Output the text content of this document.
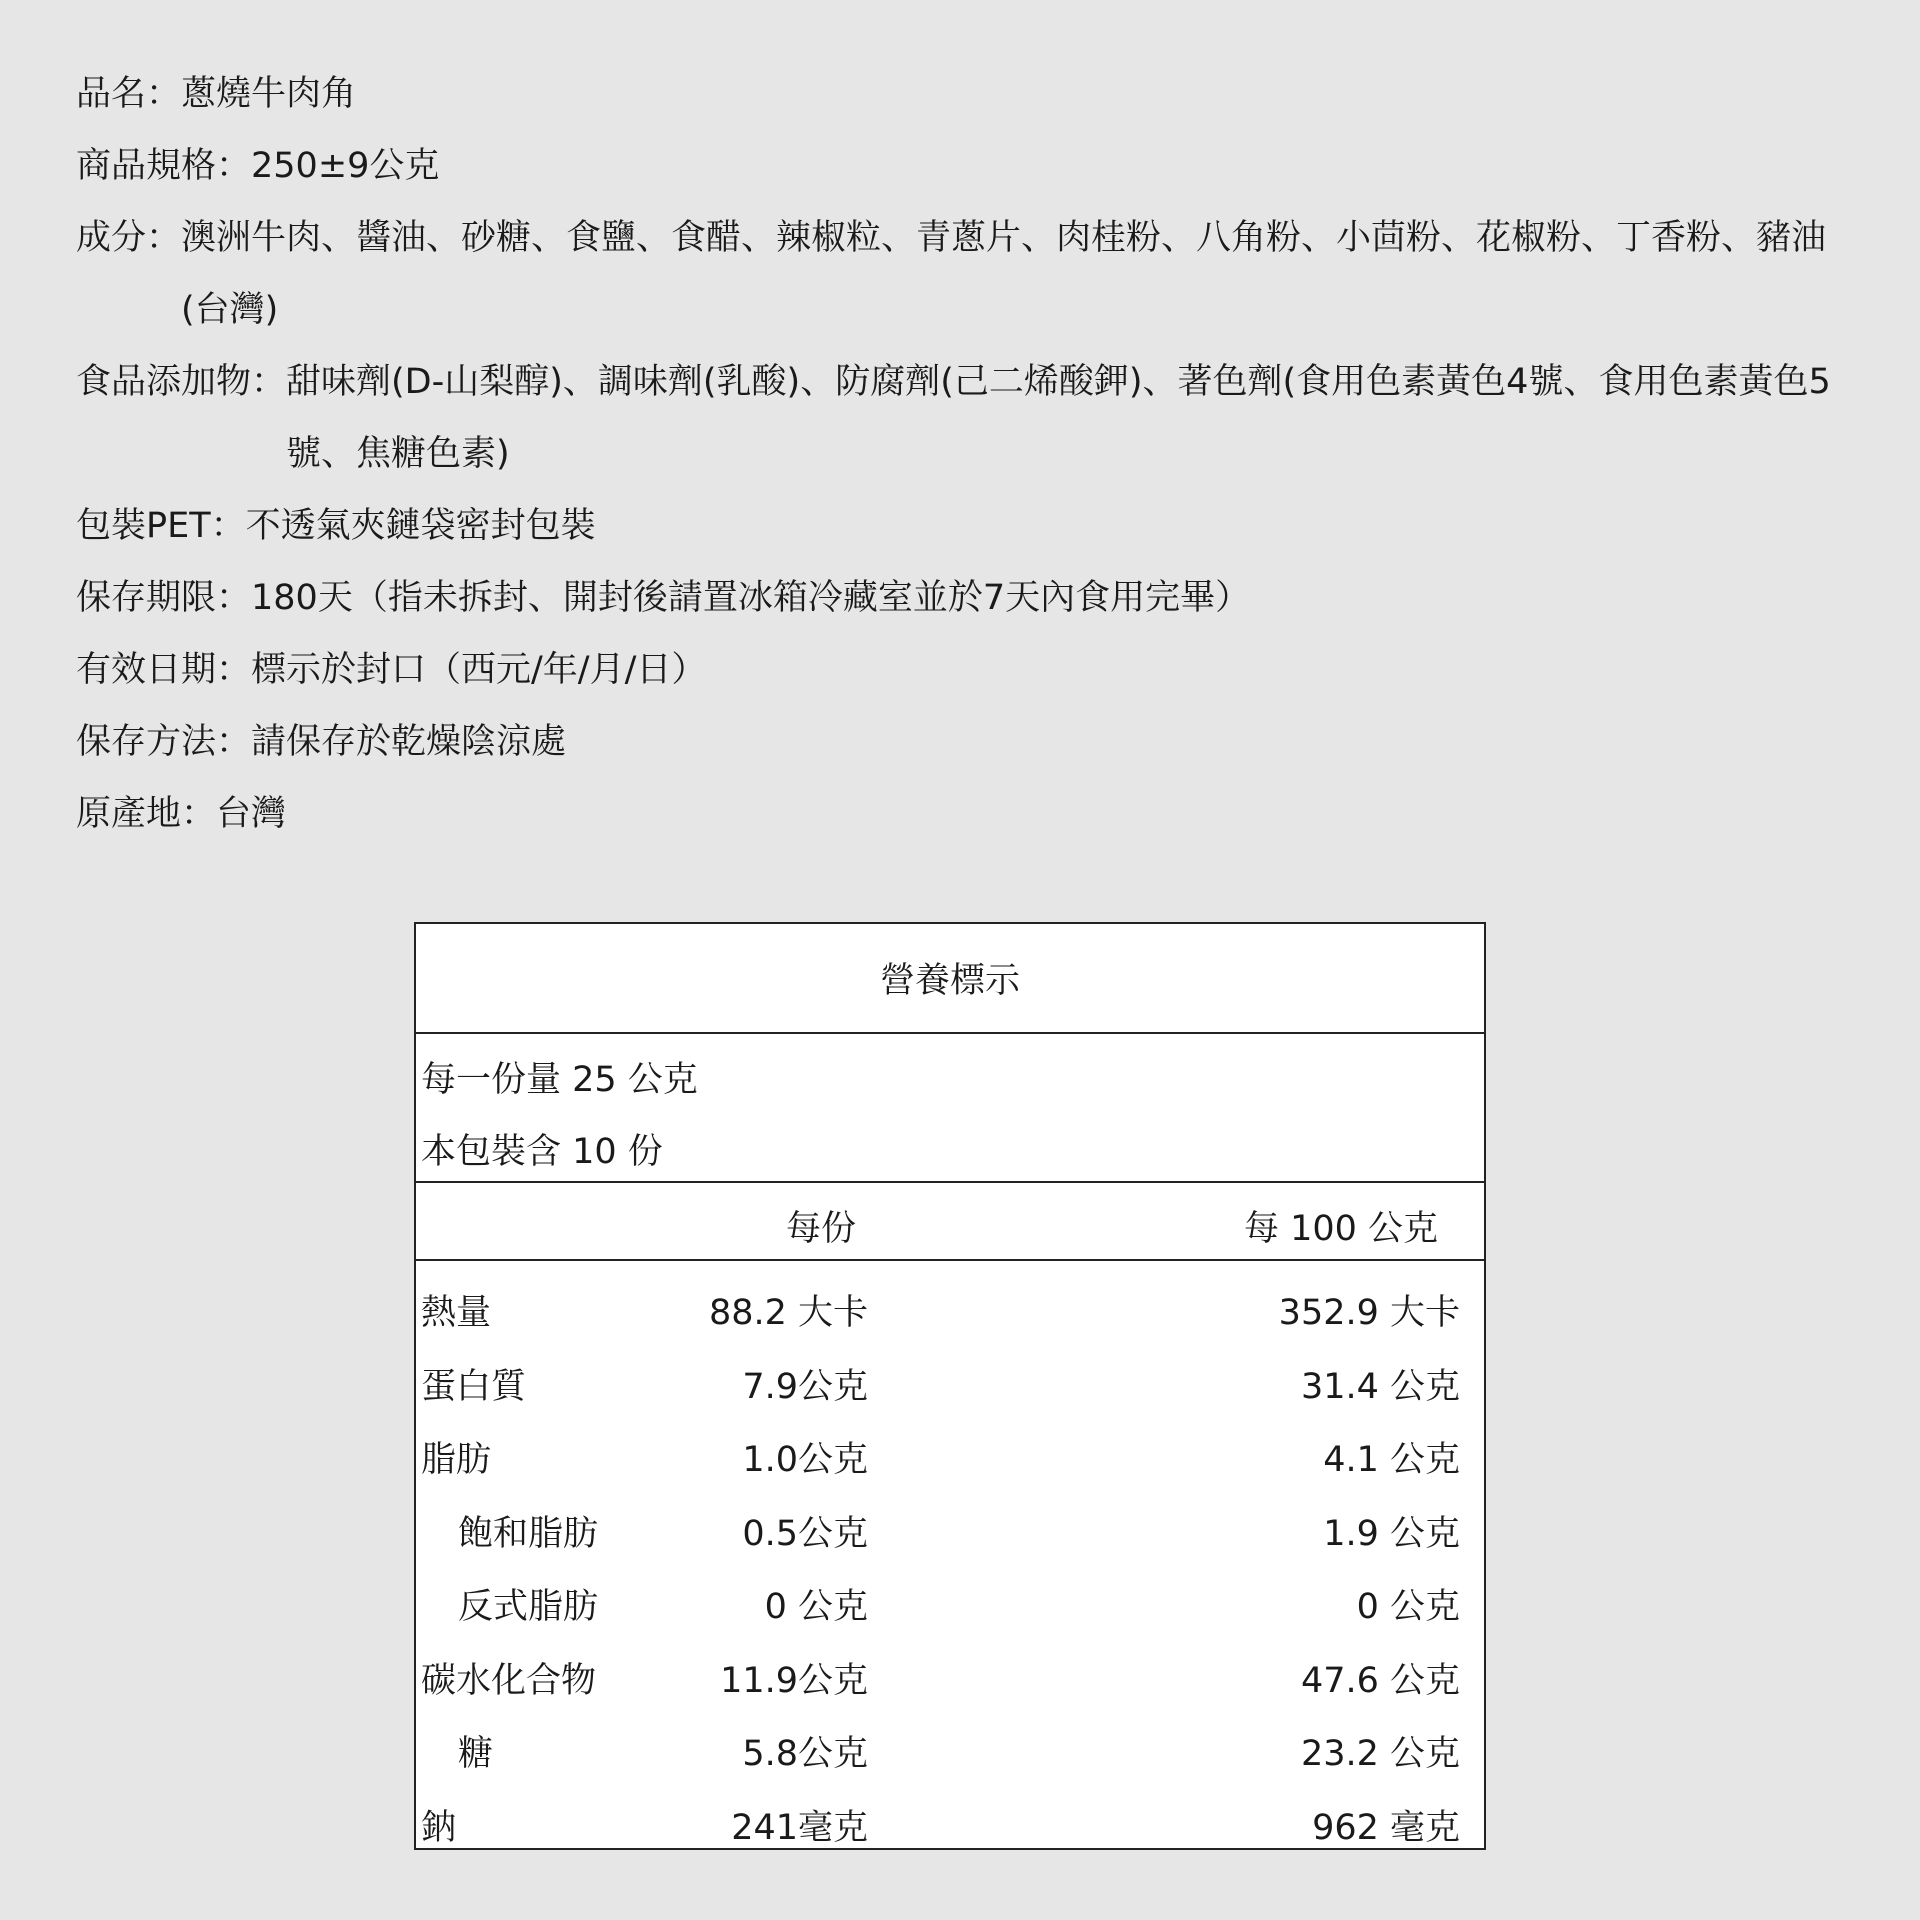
品名： 蔥燒牛肉角
商品規格： 250±9公克
成分： 澳洲牛肉、醬油、砂糖、食鹽、食醋、辣椒粒、青蔥片、肉桂粉、八角粉、小茴粉、花椒粉、丁香粉、豬油(台灣)
食品添加物： 甜味劑(D-山梨醇)、調味劑(乳酸)、防腐劑(己二烯酸鉀)、著色劑(食用色素黃色4號、食用色素黃色5號、焦糖色素)
包裝PET： 不透氣夾鏈袋密封包裝
保存期限： 180天（指未拆封、開封後請置冰箱冷藏室並於7天內食用完畢）
有效日期： 標示於封口（西元/年/月/日）
保存方法： 請保存於乾燥陰涼處
原產地： 台灣
營養標示
每一份量 25 公克
本包裝含 10 份
每份	每 100 公克
熱量	88.2 大卡	352.9 大卡
蛋白質	7.9公克	31.4 公克
脂肪	1.0公克	4.1 公克
飽和脂肪	0.5公克	1.9 公克
反式脂肪	0 公克	0 公克
碳水化合物	11.9公克	47.6 公克
糖	5.8公克	23.2 公克
鈉	241毫克	962 毫克
